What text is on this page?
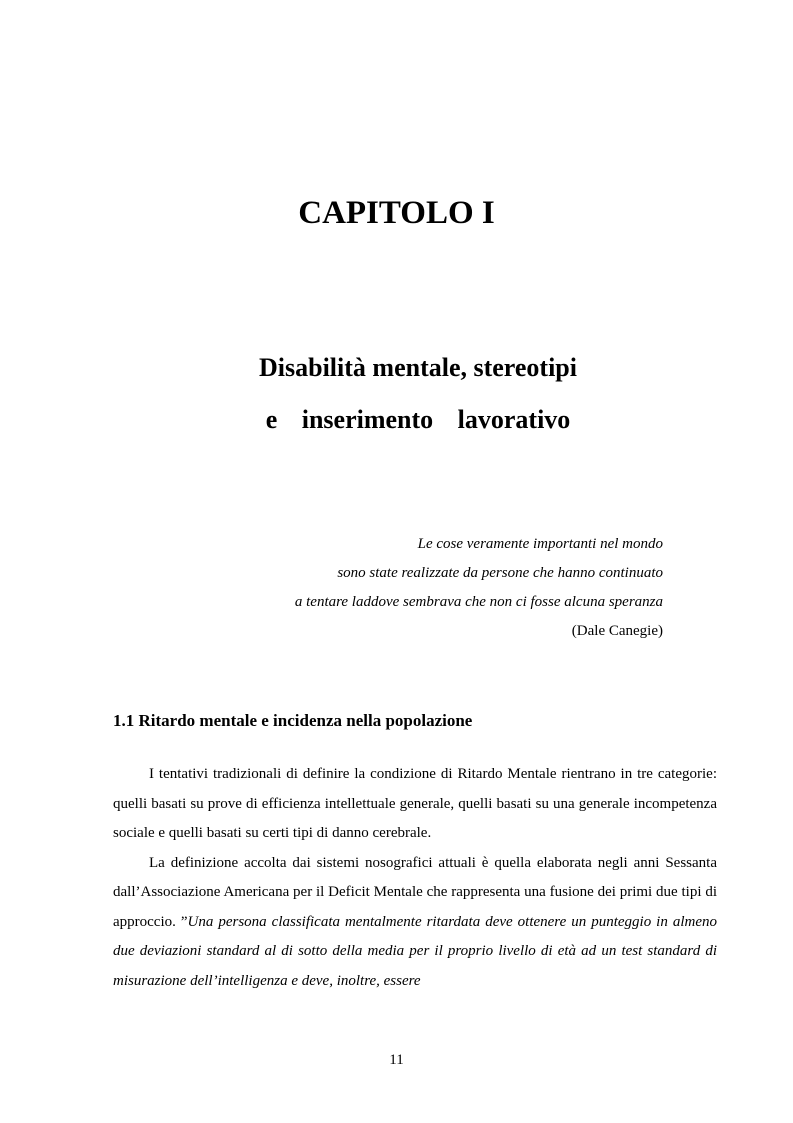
CAPITOLO I
Disabilità mentale, stereotipi
e inserimento lavorativo
Le cose veramente importanti nel mondo
sono state realizzate da persone che hanno continuato
a tentare laddove sembrava che non ci fosse alcuna speranza
(Dale Canegie)
1.1 Ritardo mentale e incidenza nella popolazione

I tentativi tradizionali di definire la condizione di Ritardo Mentale rientrano in tre categorie: quelli basati su prove di efficienza intellettuale generale, quelli basati su una generale incompetenza sociale e quelli basati su certi tipi di danno cerebrale.

La definizione accolta dai sistemi nosografici attuali è quella elaborata negli anni Sessanta dall’Associazione Americana per il Deficit Mentale che rappresenta una fusione dei primi due tipi di approccio. ”Una persona classificata mentalmente ritardata deve ottenere un punteggio in almeno due deviazioni standard al di sotto della media per il proprio livello di età ad un test standard di misurazione dell’intelligenza e deve, inoltre, essere

11
